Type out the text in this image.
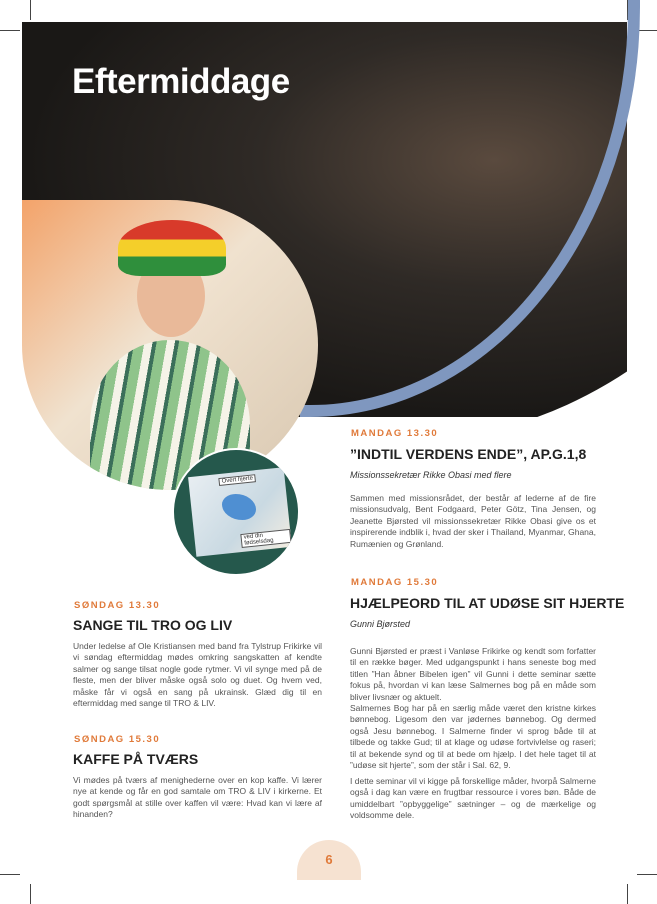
Eftermiddage
Overt hjerte
ved din fødselsdag
SØNDAG 13.30
SANGE TIL TRO OG LIV

Under ledelse af Ole Kristiansen med band fra Tylstrup Frikirke vil vi søndag eftermiddag mødes omkring sangskatten af kendte salmer og sange tilsat nogle gode rytmer. Vi vil synge med på de fleste, men der bliver måske også solo og duet. Og hvem ved, måske får vi også en sang på ukrainsk. Glæd dig til en eftermiddag med sange til TRO & LIV.

SØNDAG 15.30
KAFFE PÅ TVÆRS

Vi mødes på tværs af menighederne over en kop kaffe. Vi lærer nye at kende og får en god samtale om TRO & LIV i kirkerne. Et godt spørgsmål at stille over kaffen vil være: Hvad kan vi lære af hinanden?

MANDAG 13.30
”INDTIL VERDENS ENDE”, AP.G.1,8
Missionssekretær Rikke Obasi med flere

Sammen med missionsrådet, der består af lederne af de fire missionsudvalg, Bent Fodgaard, Peter Götz, Tina Jensen, og Jeanette Bjørsted vil missionssekretær Rikke Obasi give os et inspirerende indblik i, hvad der sker i Thailand, Myanmar, Ghana, Rumænien og Grønland.

MANDAG 15.30
HJÆLPEORD TIL AT UDØSE SIT HJERTE
Gunni Bjørsted

Gunni Bjørsted er præst i Vanløse Frikirke og kendt som forfatter til en række bøger. Med udgangspunkt i hans seneste bog med titlen ”Han åbner Bibelen igen” vil Gunni i dette seminar sætte fokus på, hvordan vi kan læse Salmernes bog på en måde som bliver livsnær og aktuelt.

Salmernes Bog har på en særlig måde været den kristne kirkes bønnebog. Ligesom den var jødernes bønnebog. Og dermed også Jesu bønnebog. I Salmerne finder vi sprog både til at tilbede og takke Gud; til at klage og udøse fortvivlelse og raseri; til at bekende synd og til at bede om hjælp. I det hele taget til at ”udøse sit hjerte”, som der står i Sal. 62, 9.

I dette seminar vil vi kigge på forskellige måder, hvorpå Salmerne også i dag kan være en frugtbar ressource i vores bøn. Både de umiddelbart ”opbyggelige” sætninger – og de mærkelige og voldsomme dele.

6
